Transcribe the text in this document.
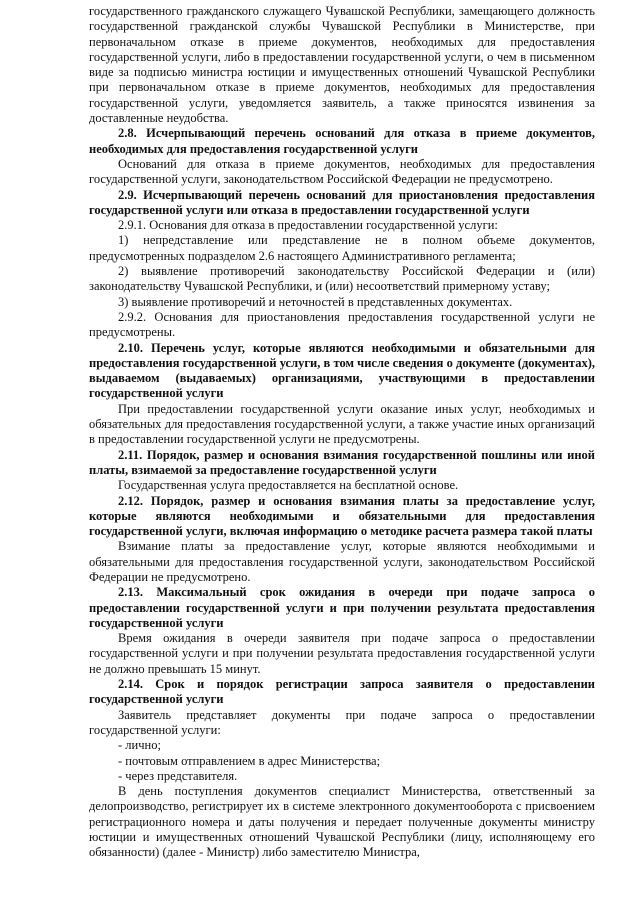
государственного гражданского служащего Чувашской Республики, замещающего должность государственной гражданской службы Чувашской Республики в Министерстве, при первоначальном отказе в приеме документов, необходимых для предоставления государственной услуги, либо в предоставлении государственной услуги, о чем в письменном виде за подписью министра юстиции и имущественных отношений Чувашской Республики при первоначальном отказе в приеме документов, необходимых для предоставления государственной услуги, уведомляется заявитель, а также приносятся извинения за доставленные неудобства.

2.8. Исчерпывающий перечень оснований для отказа в приеме документов, необходимых для предоставления государственной услуги

Оснований для отказа в приеме документов, необходимых для предоставления государственной услуги, законодательством Российской Федерации не предусмотрено.

2.9. Исчерпывающий перечень оснований для приостановления предоставления государственной услуги или отказа в предоставлении государственной услуги

2.9.1. Основания для отказа в предоставлении государственной услуги:

1) непредставление или представление не в полном объеме документов, предусмотренных подразделом 2.6 настоящего Административного регламента;

2) выявление противоречий законодательству Российской Федерации и (или) законодательству Чувашской Республики, и (или) несоответствий примерному уставу;

3) выявление противоречий и неточностей в представленных документах.

2.9.2. Основания для приостановления предоставления государственной услуги не предусмотрены.

2.10. Перечень услуг, которые являются необходимыми и обязательными для предоставления государственной услуги, в том числе сведения о документе (документах), выдаваемом (выдаваемых) организациями, участвующими в предоставлении государственной услуги

При предоставлении государственной услуги оказание иных услуг, необходимых и обязательных для предоставления государственной услуги, а также участие иных организаций в предоставлении государственной услуги не предусмотрены.

2.11. Порядок, размер и основания взимания государственной пошлины или иной платы, взимаемой за предоставление государственной услуги

Государственная услуга предоставляется на бесплатной основе.

2.12. Порядок, размер и основания взимания платы за предоставление услуг, которые являются необходимыми и обязательными для предоставления государственной услуги, включая информацию о методике расчета размера такой платы

Взимание платы за предоставление услуг, которые являются необходимыми и обязательными для предоставления государственной услуги, законодательством Российской Федерации не предусмотрено.

2.13. Максимальный срок ожидания в очереди при подаче запроса о предоставлении государственной услуги и при получении результата предоставления государственной услуги

Время ожидания в очереди заявителя при подаче запроса о предоставлении государственной услуги и при получении результата предоставления государственной услуги не должно превышать 15 минут.

2.14. Срок и порядок регистрации запроса заявителя о предоставлении государственной услуги

Заявитель представляет документы при подаче запроса о предоставлении государственной услуги:

- лично;

- почтовым отправлением в адрес Министерства;

- через представителя.

В день поступления документов специалист Министерства, ответственный за делопроизводство, регистрирует их в системе электронного документооборота с присвоением регистрационного номера и даты получения и передает полученные документы министру юстиции и имущественных отношений Чувашской Республики (лицу, исполняющему его обязанности) (далее - Министр) либо заместителю Министра,
